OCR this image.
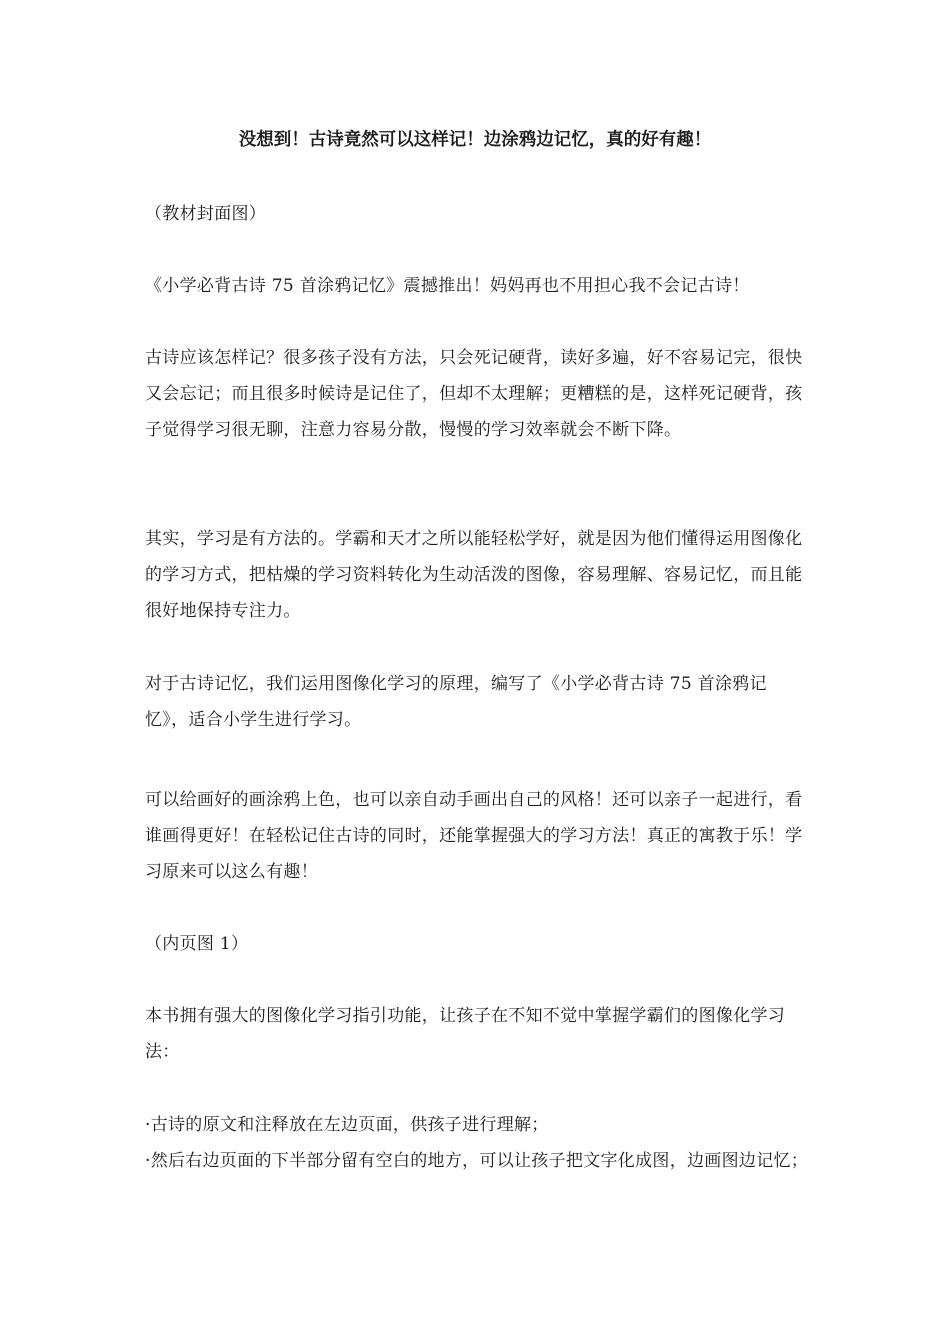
没想到！古诗竟然可以这样记！边涂鸦边记忆，真的好有趣！

（教材封面图）

《小学必背古诗 75 首涂鸦记忆》震撼推出！妈妈再也不用担心我不会记古诗！

古诗应该怎样记？很多孩子没有方法，只会死记硬背，读好多遍，好不容易记完，很快又会忘记；而且很多时候诗是记住了，但却不太理解；更糟糕的是，这样死记硬背，孩子觉得学习很无聊，注意力容易分散，慢慢的学习效率就会不断下降。

其实，学习是有方法的。学霸和天才之所以能轻松学好，就是因为他们懂得运用图像化的学习方式，把枯燥的学习资料转化为生动活泼的图像，容易理解、容易记忆，而且能很好地保持专注力。

对于古诗记忆，我们运用图像化学习的原理，编写了《小学必背古诗 75 首涂鸦记忆》，适合小学生进行学习。

可以给画好的画涂鸦上色，也可以亲自动手画出自己的风格！还可以亲子一起进行，看谁画得更好！在轻松记住古诗的同时，还能掌握强大的学习方法！真正的寓教于乐！学习原来可以这么有趣！

（内页图 1）

本书拥有强大的图像化学习指引功能，让孩子在不知不觉中掌握学霸们的图像化学习法：

·古诗的原文和注释放在左边页面，供孩子进行理解；

·然后右边页面的下半部分留有空白的地方，可以让孩子把文字化成图，边画图边记忆；
